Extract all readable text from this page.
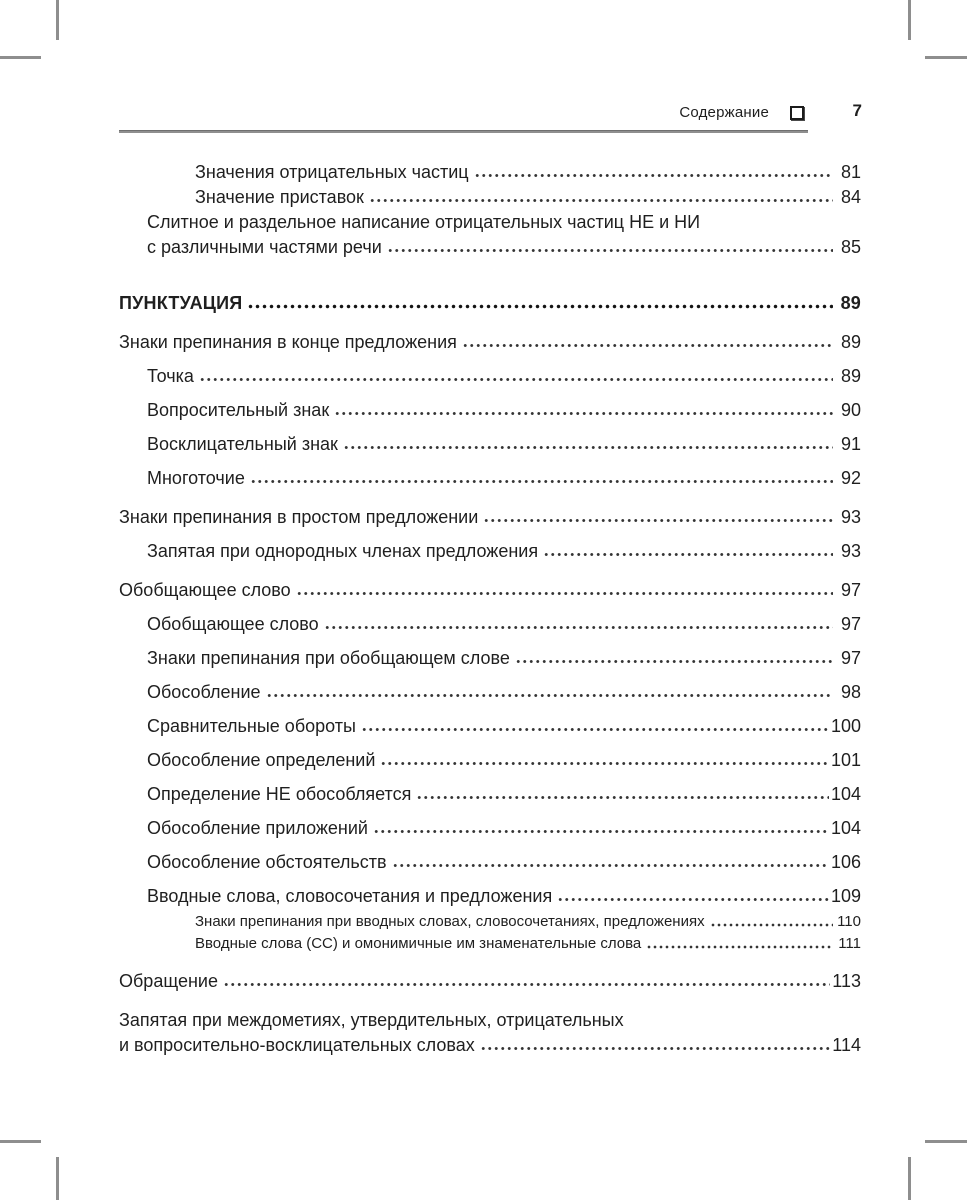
Содержание	7
Значения отрицательных частиц	81
Значение приставок	84
Слитное и раздельное написание отрицательных частиц НЕ и НИ
с различными частями речи	85
ПУНКТУАЦИЯ	89
Знаки препинания в конце предложения	89
Точка	89
Вопросительный знак	90
Восклицательный знак	91
Многоточие	92
Знаки препинания в простом предложении	93
Запятая при однородных членах предложения	93
Обобщающее слово	97
Обобщающее слово	97
Знаки препинания при обобщающем слове	97
Обособление	98
Сравнительные обороты	100
Обособление определений	101
Определение НЕ обособляется	104
Обособление приложений	104
Обособление обстоятельств	106
Вводные слова, словосочетания и предложения	109
Знаки препинания при вводных словах, словосочетаниях, предложениях	110
Вводные слова (СС) и омонимичные им знаменательные слова	111
Обращение	113
Запятая при междометиях, утвердительных, отрицательных
и вопросительно-восклицательных словах	114
